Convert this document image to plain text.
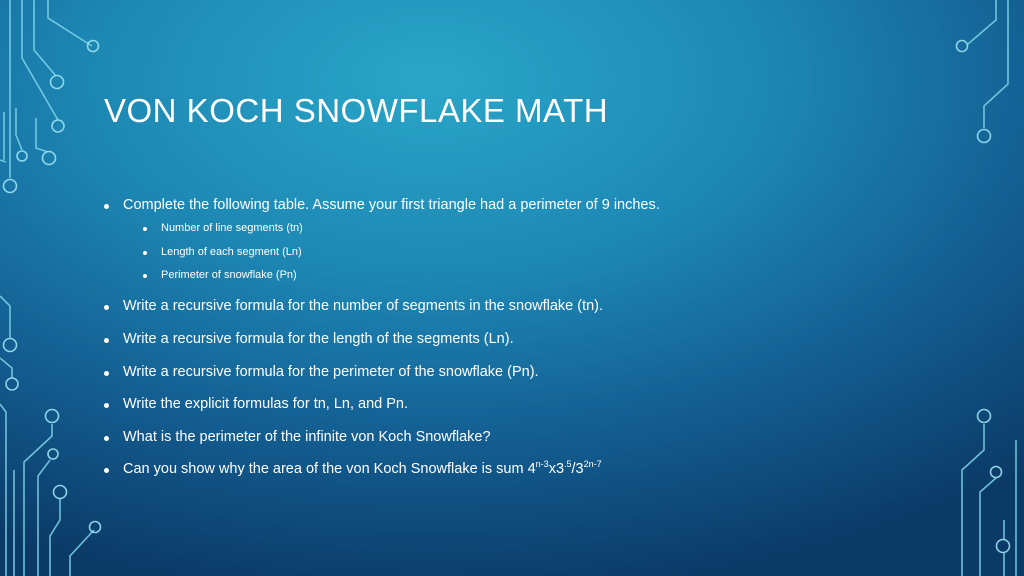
VON KOCH SNOWFLAKE MATH
Complete the following table. Assume your first triangle had a perimeter of 9 inches.
Number of line segments (tn)
Length of each segment (Ln)
Perimeter of snowflake (Pn)
Write a recursive formula for the number of segments in the snowflake (tn).
Write a recursive formula for the length of the segments (Ln).
Write a recursive formula for the perimeter of the snowflake (Pn).
Write the explicit formulas for tn, Ln, and Pn.
What is the perimeter of the infinite von Koch Snowflake?
Can you show why the area of the von Koch Snowflake is sum $4^{n-3}x3^{.5}/3^{2n-7}$
